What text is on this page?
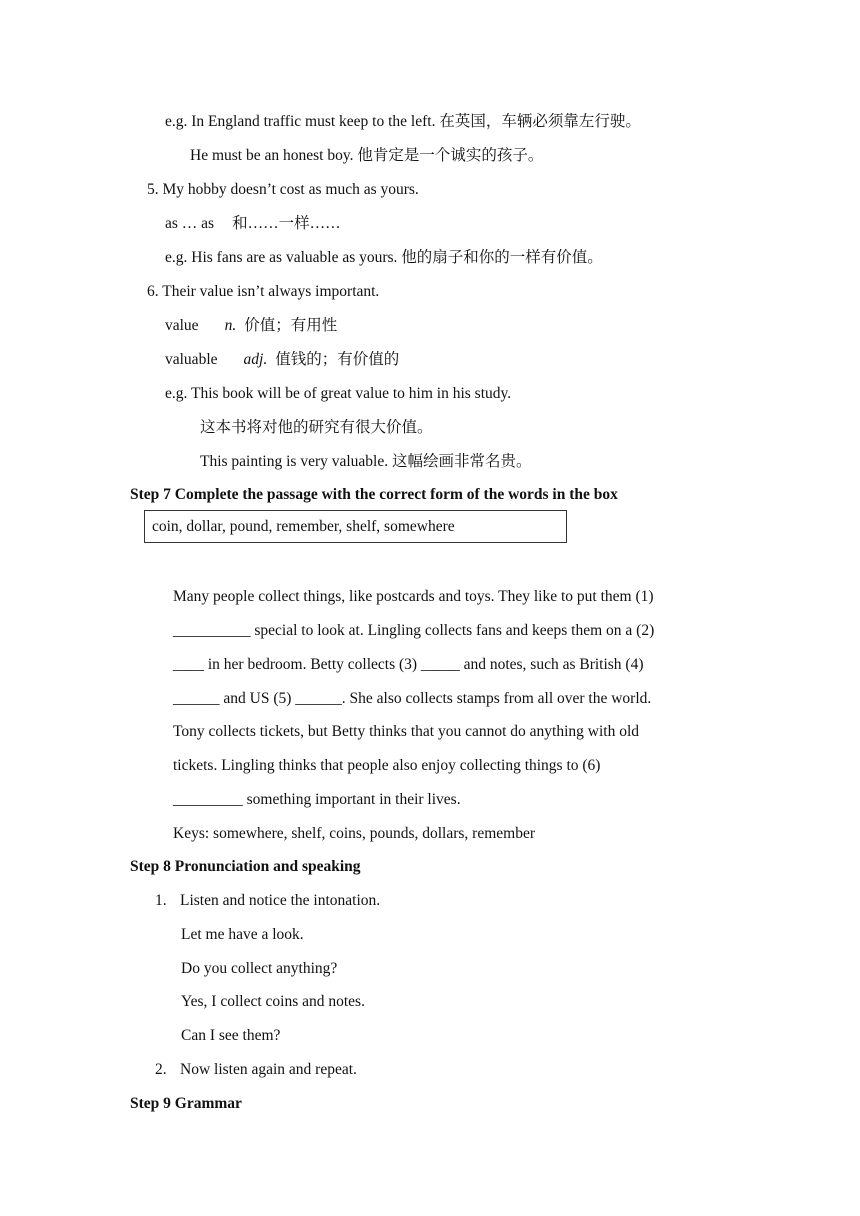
e.g. In England traffic must keep to the left. 在英国，车辆必须靠左行驶。
He must be an honest boy. 他肯定是一个诚实的孩子。
5. My hobby doesn’t cost as much as yours.
as … as 和……一样……
e.g. His fans are as valuable as yours. 他的扇子和你的一样有价值。
6. Their value isn’t always important.
value n. 价值；有用性
valuable adj. 值钱的；有价值的
e.g. This book will be of great value to him in his study.
这本书将对他的研究有很大价值。
This painting is very valuable. 这幅绘画非常名贵。
Step 7 Complete the passage with the correct form of the words in the box
coin, dollar, pound, remember, shelf, somewhere
Many people collect things, like postcards and toys. They like to put them (1)
__________ special to look at. Lingling collects fans and keeps them on a (2)
____ in her bedroom. Betty collects (3) _____ and notes, such as British (4)
______ and US (5) ______. She also collects stamps from all over the world.
Tony collects tickets, but Betty thinks that you cannot do anything with old
tickets. Lingling thinks that people also enjoy collecting things to (6)
_________ something important in their lives.
Keys: somewhere, shelf, coins, pounds, dollars, remember
Step 8 Pronunciation and speaking
1. Listen and notice the intonation.
Let me have a look.
Do you collect anything?
Yes, I collect coins and notes.
Can I see them?
2. Now listen again and repeat.
Step 9 Grammar
